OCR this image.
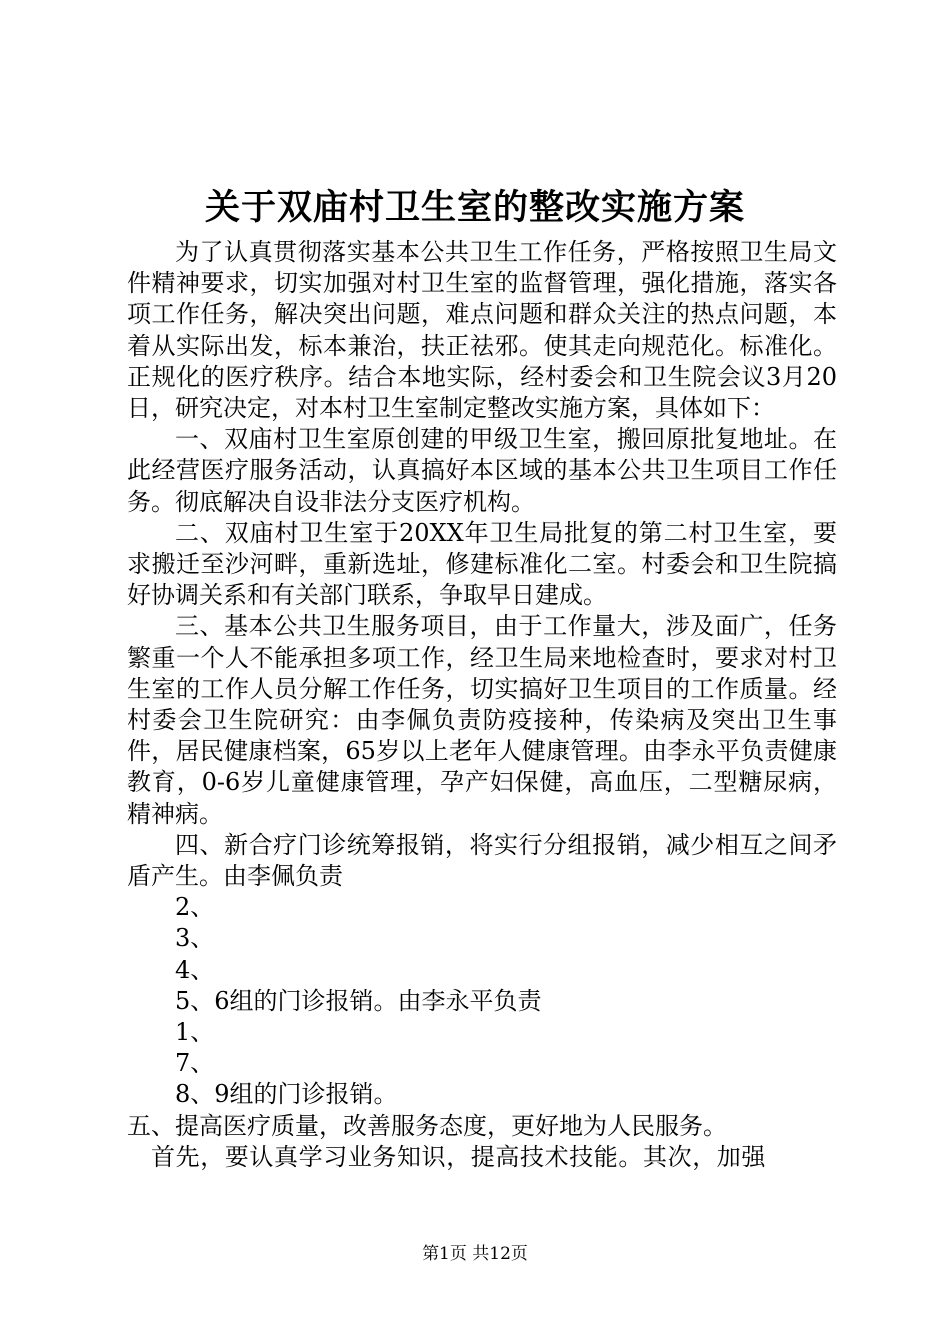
关于双庙村卫生室的整改实施方案

为了认真贯彻落实基本公共卫生工作任务，严格按照卫生局文件精神要求，切实加强对村卫生室的监督管理，强化措施，落实各项工作任务，解决突出问题，难点问题和群众关注的热点问题，本着从实际出发，标本兼治，扶正祛邪。使其走向规范化。标准化。正规化的医疗秩序。结合本地实际，经村委会和卫生院会议3月20日，研究决定，对本村卫生室制定整改实施方案，具体如下：

一、双庙村卫生室原创建的甲级卫生室，搬回原批复地址。在此经营医疗服务活动，认真搞好本区域的基本公共卫生项目工作任务。彻底解决自设非法分支医疗机构。

二、双庙村卫生室于20XX年卫生局批复的第二村卫生室，要求搬迁至沙河畔，重新选址，修建标准化二室。村委会和卫生院搞好协调关系和有关部门联系，争取早日建成。

三、基本公共卫生服务项目，由于工作量大，涉及面广，任务繁重一个人不能承担多项工作，经卫生局来地检查时，要求对村卫生室的工作人员分解工作任务，切实搞好卫生项目的工作质量。经村委会卫生院研究：由李佩负责防疫接种，传染病及突出卫生事件，居民健康档案，65岁以上老年人健康管理。由李永平负责健康教育，0-6岁儿童健康管理，孕产妇保健，高血压，二型糖尿病，精神病。

四、新合疗门诊统筹报销，将实行分组报销，减少相互之间矛盾产生。由李佩负责

2、

3、

4、

5、6组的门诊报销。由李永平负责

1、

7、

8、9组的门诊报销。

五、提高医疗质量，改善服务态度，更好地为人民服务。

首先，要认真学习业务知识，提高技术技能。其次，加强

第1页 共12页
